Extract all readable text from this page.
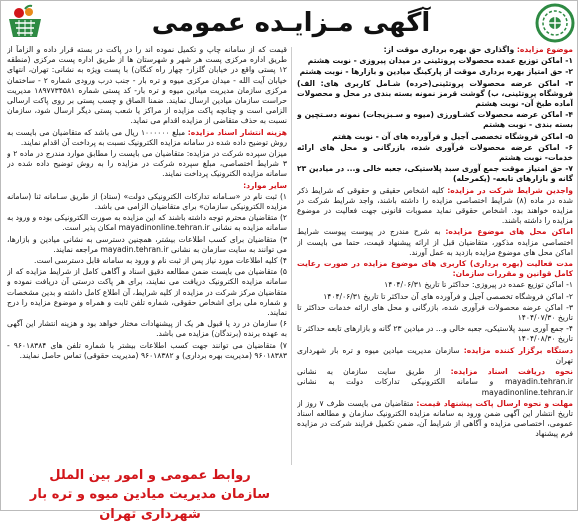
آگهی مـزایـده عمومی

موضوع مزایده: واگذاری حق بهره برداری موقت از:

۱- اماکن توزیع عمده محصولات پروتئینی در میدان پیروزی - نوبت هشتم

۲- حق امتیاز بهره برداری موقت از پارکینگ میادین و بازارها - نوبت هشتم

۳- اماکن عرضه محصولات پروتئینی(خرده) شـامل کاربری های: الف) فروشگاه پروتئینی، ب) گوشت قرمز نمونه بسته بندی در محل و محصولات آماده طبخ آن- نوبت هشتم

۴- اماکن عرضه محصولات کشـاورزی (میوه و سـبزیجات) نمونه دسـتچین و بسته بندی - نوبت هشتم

۵- اماکن فروشگاه تخصصی آجیل و فرآورده های آن - نوبت هفتم

۶- اماکن عرضه محصولات فرآوری شده، بازرگانی و محل های ارائه خدمات- نوبت هشتم

۷- حق امتیاز موقت جمع آوری سبد پلاستیکی، جعبه خالی و... در میادین ۲۳ گانه و بازارهای تابعه- (یکمرحله)

واجدین شرایط شرکت در مزایده: کلیه اشخاص حقیقی و حقوقی که شرایط ذکر شده در ماده (۸) شرایط اختصاصی مزایده را داشته باشند، واجد شرایط شرکت در مزایده خواهند بود. اشخاص حقوقی نماید مصوبات قانونی جهت فعالیت در موضوع مزایده را داشته باشند.

اماکن محل های موضوع مزایده: به شرح مندرج در پیوست پیوست شرایط اختصاصی مزایده مذکور، متقاضیان قبل از ارائه پیشنهاد قیمت، حتما می بایست از اماکن محل های موضوع مزایده بازدید به عمل آورند.

مدت فعالیت (بهره برداری) کاربری های موضوع مزایده در صورت رعایت کامل قوانین و مقررات سازمان:

۱- اماکن توزیع عمده در پیروزی: حداکثر تا تاریخ ۱۴۰۴/۰۶/۳۱

۲- اماکن فروشگاه تخصصی آجیل و فرآورده های آن حداکثر تا تاریخ ۱۴۰۴/۰۶/۳۱

۳- اماکن عرضه محصولات فرآوری شده، بازرگانی و محل های ارائه خدمات حداکثر تا تاریخ ۱۴۰۴/۰۷/۳۰

۴- جمع آوری سبد پلاستیکی، جعبه خالی و... در میادین ۲۳ گانه و بازارهای تابعه حداکثر تا تاریخ ۱۴۰۴/۰۸/۳۰

دستگاه برگزار کننده مزایده: سازمان مدیریت میادین میوه و تره بار شهرداری تهران

نحوه دریافت اسناد مزایده: از طریق سایت سازمان به نشانی mayadin.tehran.ir و سامانه الکترونیکی تدارکات دولت به نشانی mayadinonline.tehran.ir

مهلت و نحوه ارسال پاکت پیشنهاد قیمت: متقاضیان می بایست ظرف ۷ روز از تاریخ انتشار این آگهی ضمن ورود به سامانه مزایده الکترونیک سازمان و مطالعه اسناد عمومی، اختصاصی مزایده و آگاهی از شرایط آن، ضمن تکمیل فرایند شرکت در مزایده فرم پیشنهاد

قیمت که از سامانه چاپ و تکمیل نموده اند را در پاکت در بسته قرار داده و الزاماً از طریق اداره مرکزی پست هر شهر و شهرستان ها از طریق اداره پست مرکزی (منطقه ۱۲ پستی واقع در خیابان گلزار- چهار راه کنگان) با پست ویژه به نشانی: تهران، انتهای خیابان آیت الله - میدان مرکزی میوه و تره بار - جنب درب ورودی شماره ۲ - ساختمان مرکزی سازمان مدیریت میادین میوه و تره بار- کد پستی شماره ۱۸۹۷۷۳۴۵۸۱ مدیریت حراست سازمان میادین ارسال نمایند. ضمنا الصاق و چسب پستی بر روی پاکت ارسالی الزامی است و چنانچه پاکت مزایده از مراکز یا شعب پستی دیگر ارسال شود، سازمان نسبت به حذف متقاضی از مزایده اقدام می نماید.

هزینه انتشار اسناد مزایده: مبلغ ۱۰۰۰۰۰۰ ریال می باشد که متقاضیان می بایست به روش توضیح داده شده در سامانه مزایده الکترونیک نسبت به پرداخت آن اقدام نمایند.

میزان سپرده شرکت در مزایده: متقاضیان می بایست را مطابق موارد مندرج در ماده ۲ و ۳ شرایط اختصاصی، مبلغ سپرده شرکت در مزایده را به روش توضیح داده شده در سامانه مزایده الکترونیک پرداخت نمایند.

سایر موارد:

۱) ثبت نام در «سـامانه تدارکات الکترونیکی دولت» (ستاد) از طریق سـامانه ثنا (سامانه مزایده الکترونیکی سازمان» برای متقاضیان الزامی می باشد.

۲) متقاضیان محترم توجه داشته باشند که این مزایده به صورت الکترونیکی بوده و ورود به سامانه مزایده به نشانی mayadinonline.tehran.ir امکان پذیر است.

۳) متقاضیان برای کسب اطلاعات بیشتر، همچنین دسترسی به نشانی میادین و بازارها، می توانند به سایت سازمان به نشانی mayadin.tehran.ir مراجعه نمایند.

۴) کلیه اطلاعات مورد نیاز پس از ثبت نام و ورود به سامانه قابل دسترسی است.

۵) متقاضیان می بایست ضمن مطالعه دقیق اسناد و آگاهی کامل از شرایط مزایده که از سامانه مزایده الکترونیک دریافت می نمایند، برای هر پاکت درستی آن دریافت نموده و متقاضیان مرکز شرکت در مزایده از کلیه شرایط، آن اطلاع کامل داشته و بدین مشخصات و شماره ملی برای اشخاص حقوقی، شماره تلفن ثابت و همراه و موضوع مزایده را درج نمایند.

۶) سازمان در رد یا قبول هر یک از پیشنهادات مختار خواهد بود و هزینه انتشار این آگهی به عهده برنده (برندگان) مزایده می باشد.

۷) متقاضیان می توانند جهت کسب اطلاعات بیشتر با شماره تلفن های ۹۶۰۱۸۳۸۴ - ۹۶۰۱۸۳۸۳ (مدیریت بهره برداری) و ۹۶۰۱۸۳۸۲ (مدیریت حقوقی) تماس حاصل نمایند.

روابط عمومی و امور بین الملل
سازمان مدیریت میادین میوه و تره بار شهرداری تهران
